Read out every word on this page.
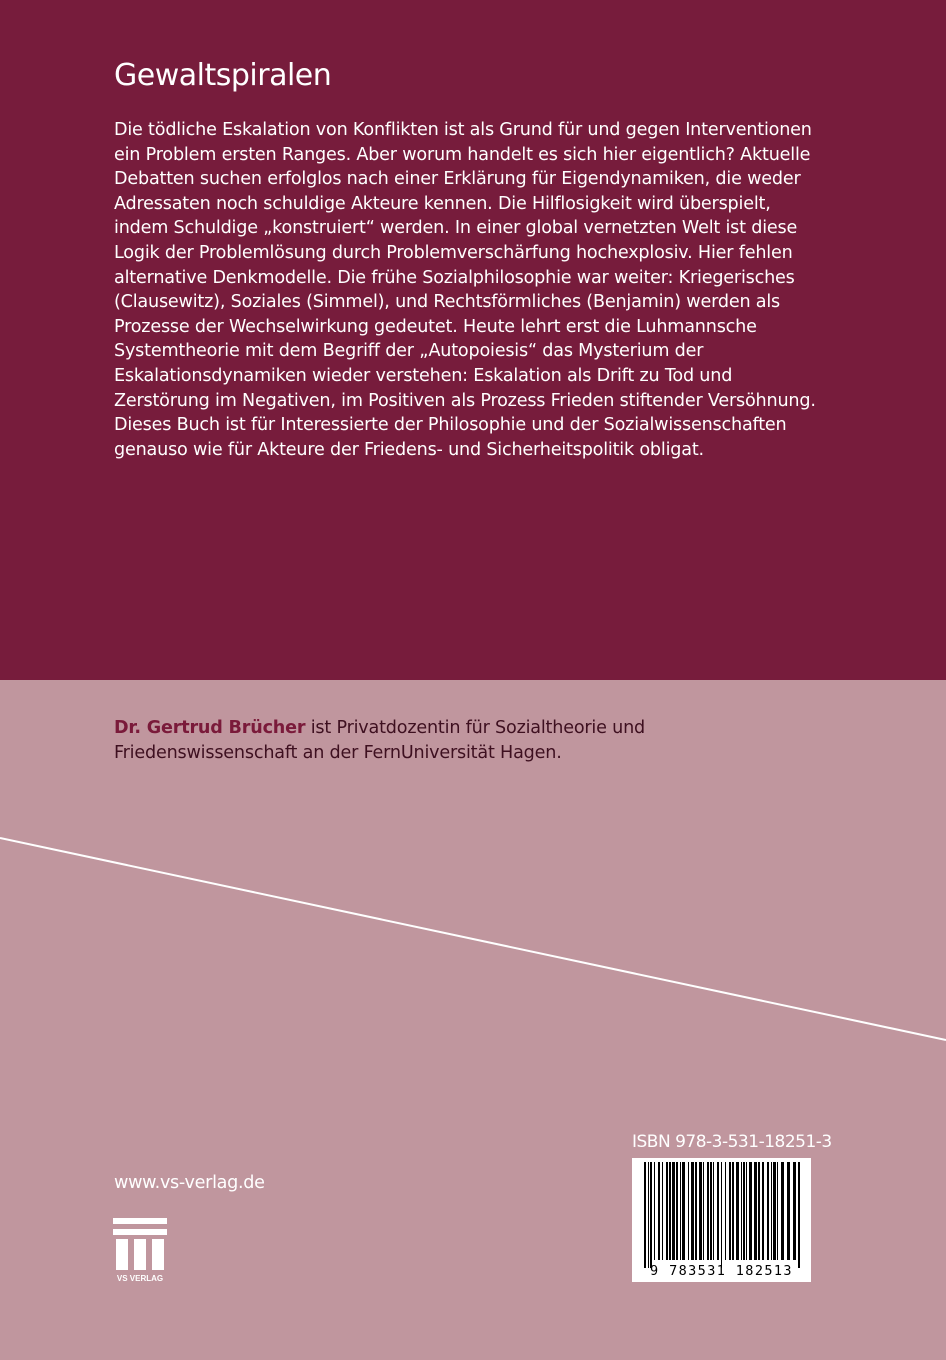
Gewaltspiralen

Die tödliche Eskalation von Konflikten ist als Grund für und gegen Interventionen ein Problem ersten Ranges. Aber worum handelt es sich hier eigentlich? Aktuelle Debatten suchen erfolglos nach einer Erklärung für Eigendynamiken, die weder Adressaten noch schuldige Akteure kennen. Die Hilflosigkeit wird überspielt, indem Schuldige „konstruiert“ werden. In einer global vernetzten Welt ist diese Logik der Problemlösung durch Problemverschärfung hochexplosiv. Hier fehlen alternative Denkmodelle. Die frühe Sozialphilosophie war weiter: Kriegerisches (Clausewitz), Soziales (Simmel), und Rechtsförmliches (Benjamin) werden als Prozesse der Wechselwirkung gedeutet. Heute lehrt erst die Luhmannsche Systemtheorie mit dem Begriff der „Autopoiesis“ das Mysterium der Eskalationsdynamiken wieder verstehen: Eskalation als Drift zu Tod und Zerstörung im Negativen, im Positiven als Prozess Frieden stiftender Versöhnung. Dieses Buch ist für Interessierte der Philosophie und der Sozialwissenschaften genauso wie für Akteure der Friedens- und Sicherheitspolitik obligat.

Dr. Gertrud Brücher ist Privatdozentin für Sozialtheorie und Friedenswissenschaft an der FernUniversität Hagen.

www.vs-verlag.de
VS VERLAG
ISBN 978-3-531-18251-3
9 783531 182513
